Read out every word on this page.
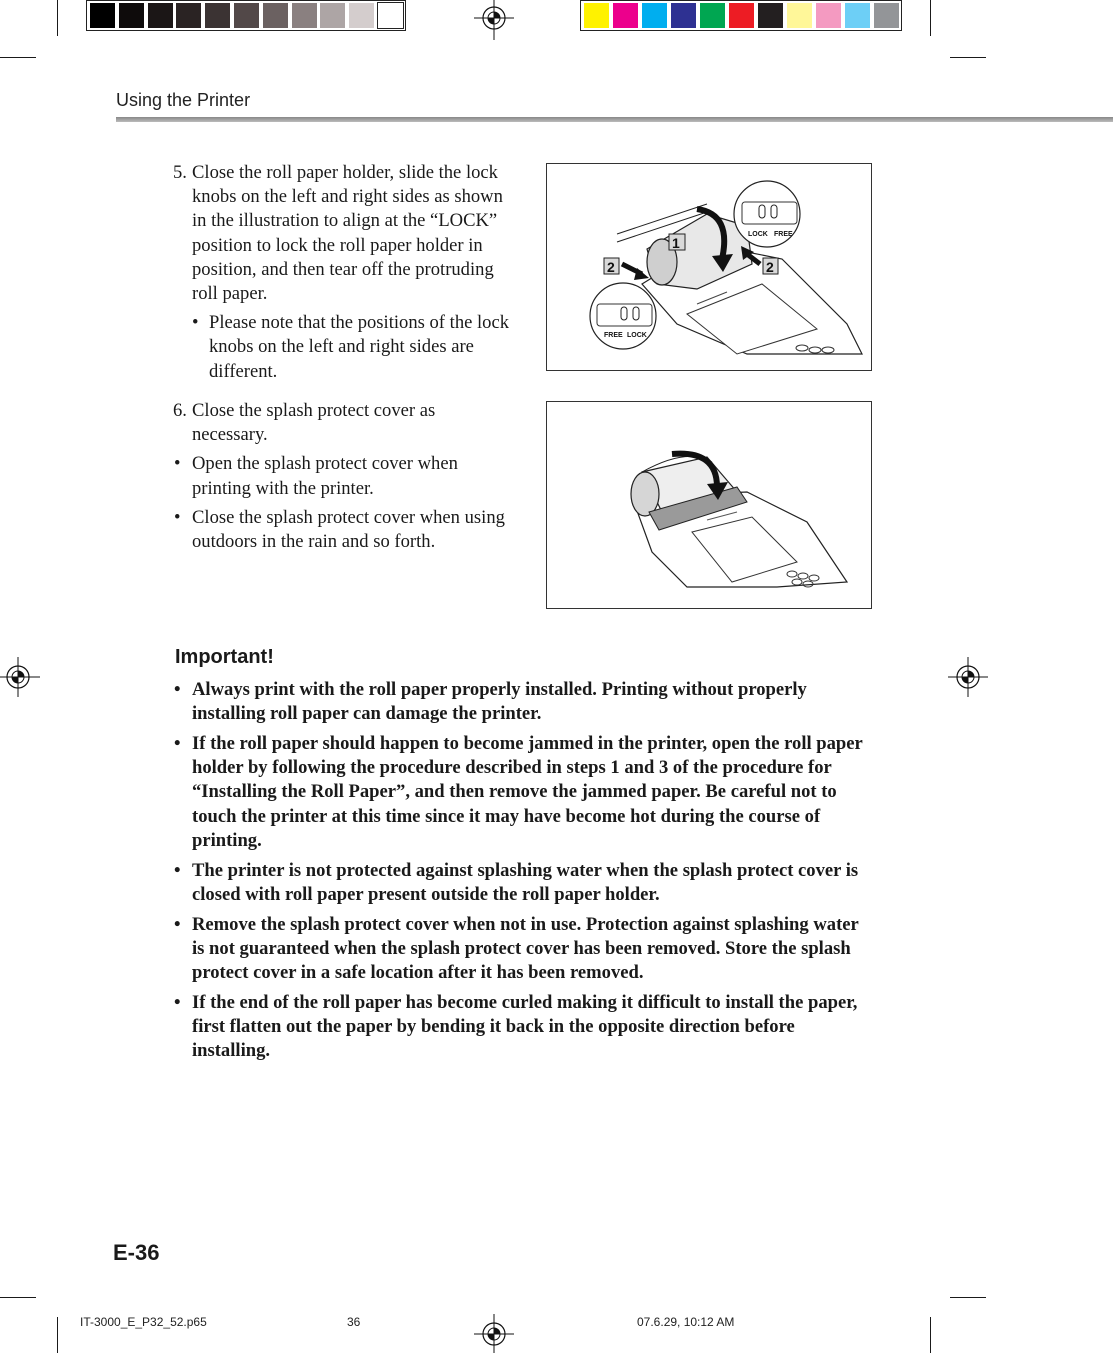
Using the Printer
5. Close the roll paper holder, slide the lock knobs on the left and right sides as shown in the illustration to align at the “LOCK” position to lock the roll paper holder in position, and then tear off the protruding roll paper.
• Please note that the positions of the lock knobs on the left and right sides are different.
6. Close the splash protect cover as necessary.
• Open the splash protect cover when printing with the printer.
• Close the splash protect cover when using outdoors in the rain and so forth.
1
2	2
LOCK FREE
FREE LOCK
Important!
• Always print with the roll paper properly installed. Printing without properly installing roll paper can damage the printer.
• If the roll paper should happen to become jammed in the printer, open the roll paper holder by following the procedure described in steps 1 and 3 of the procedure for “Installing the Roll Paper”, and then remove the jammed paper. Be careful not to touch the printer at this time since it may have become hot during the course of printing.
• The printer is not protected against splashing water when the splash protect cover is closed with roll paper present outside the roll paper holder.
• Remove the splash protect cover when not in use. Protection against splashing water is not guaranteed when the splash protect cover has been removed. Store the splash protect cover in a safe location after it has been removed.
• If the end of the roll paper has become curled making it difficult to install the paper, first flatten out the paper by bending it back in the opposite direction before installing.
E-36
IT-3000_E_P32_52.p65	36	07.6.29, 10:12 AM
